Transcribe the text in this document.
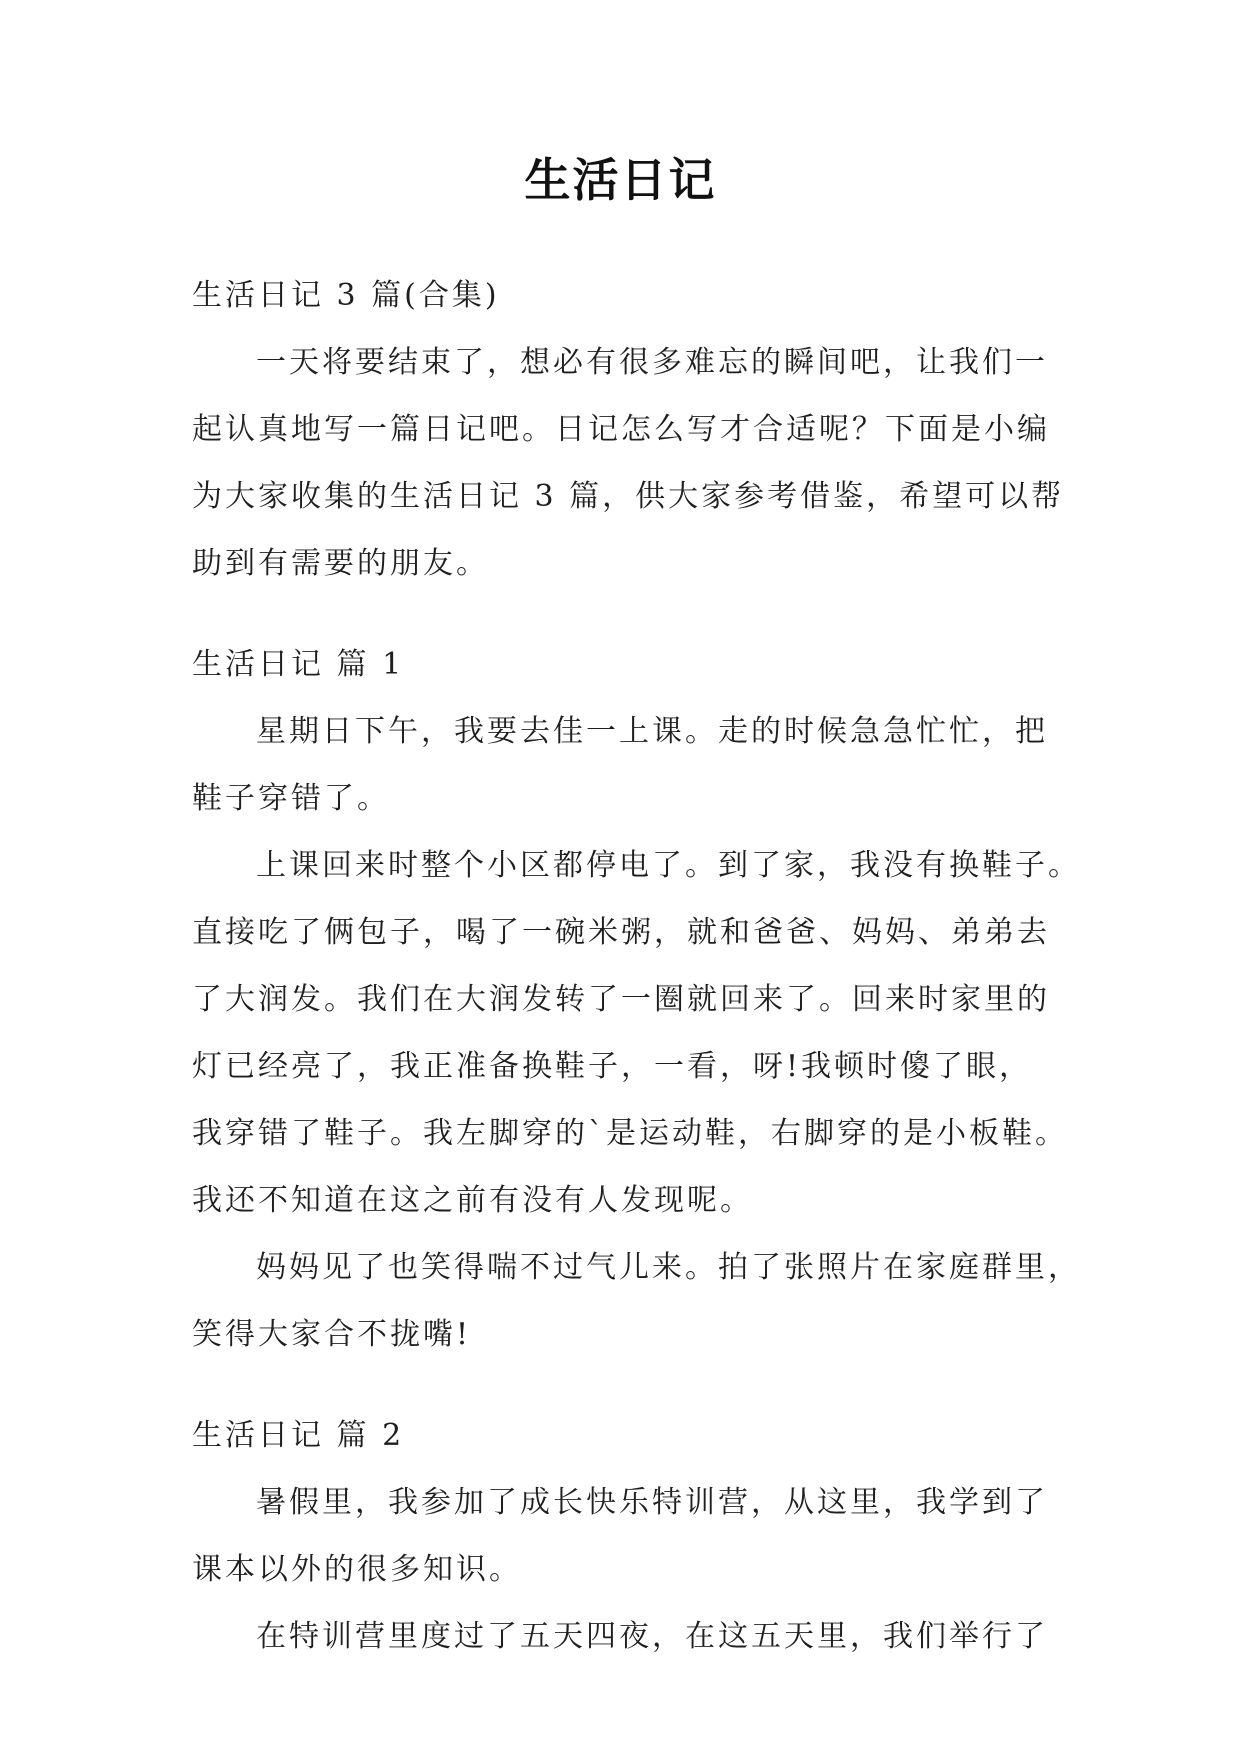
生活日记
生活日记 3 篇(合集)
一天将要结束了，想必有很多难忘的瞬间吧，让我们一
起认真地写一篇日记吧。日记怎么写才合适呢？下面是小编
为大家收集的生活日记 3 篇，供大家参考借鉴，希望可以帮
助到有需要的朋友。
生活日记 篇 1
星期日下午，我要去佳一上课。走的时候急急忙忙，把
鞋子穿错了。
上课回来时整个小区都停电了。到了家，我没有换鞋子。
直接吃了俩包子，喝了一碗米粥，就和爸爸、妈妈、弟弟去
了大润发。我们在大润发转了一圈就回来了。回来时家里的
灯已经亮了，我正准备换鞋子，一看，呀!我顿时傻了眼，
我穿错了鞋子。我左脚穿的`是运动鞋，右脚穿的是小板鞋。
我还不知道在这之前有没有人发现呢。
妈妈见了也笑得喘不过气儿来。拍了张照片在家庭群里，
笑得大家合不拢嘴!
生活日记 篇 2
暑假里，我参加了成长快乐特训营，从这里，我学到了
课本以外的很多知识。
在特训营里度过了五天四夜，在这五天里，我们举行了
